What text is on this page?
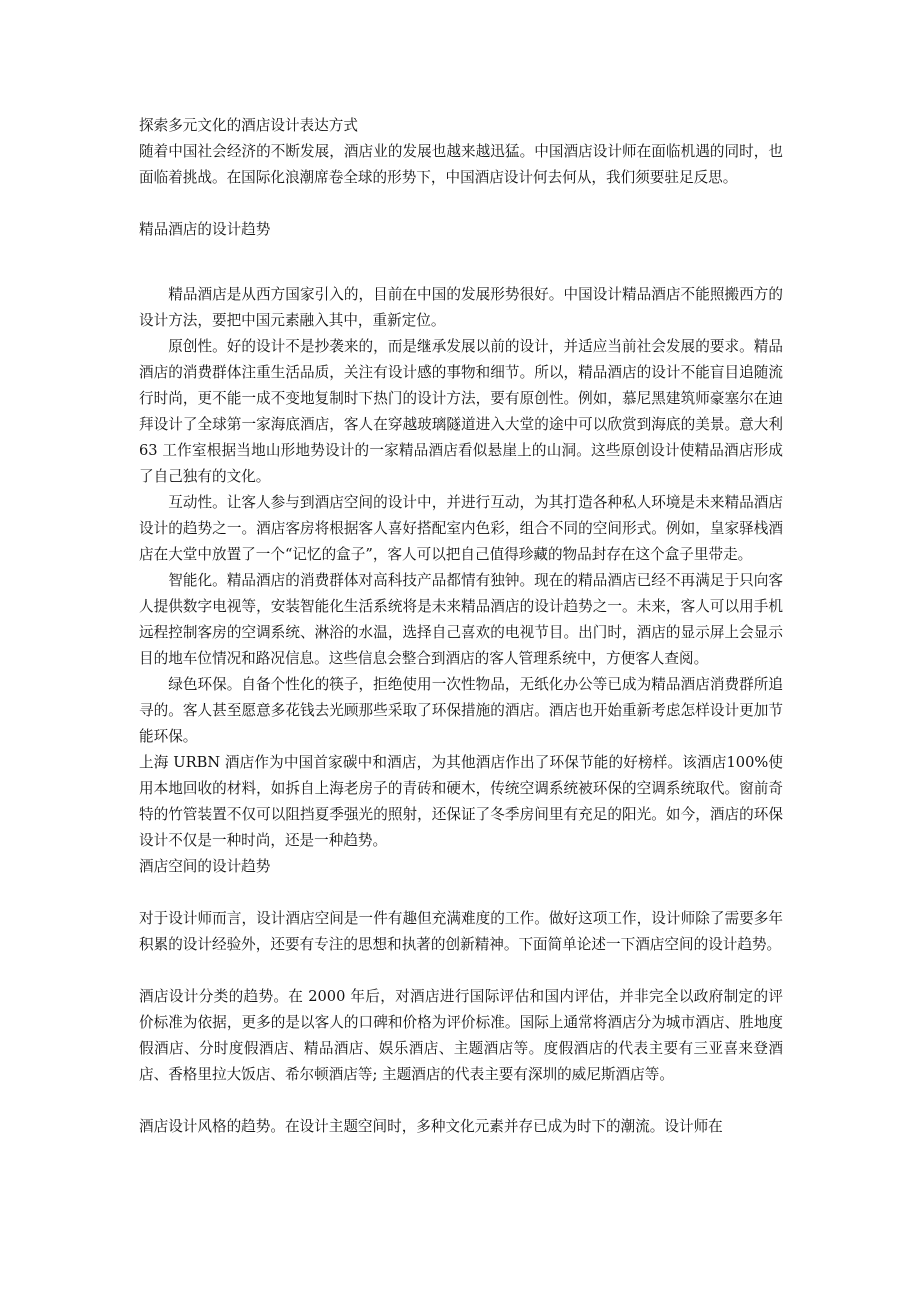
探索多元文化的酒店设计表达方式

随着中国社会经济的不断发展，酒店业的发展也越来越迅猛。中国酒店设计师在面临机遇的同时，也面临着挑战。在国际化浪潮席卷全球的形势下，中国酒店设计何去何从，我们须要驻足反思。

精品酒店的设计趋势

精品酒店是从西方国家引入的，目前在中国的发展形势很好。中国设计精品酒店不能照搬西方的设计方法，要把中国元素融入其中，重新定位。

原创性。好的设计不是抄袭来的，而是继承发展以前的设计，并适应当前社会发展的要求。精品酒店的消费群体注重生活品质，关注有设计感的事物和细节。所以，精品酒店的设计不能盲目追随流行时尚，更不能一成不变地复制时下热门的设计方法，要有原创性。例如，慕尼黑建筑师豪塞尔在迪拜设计了全球第一家海底酒店，客人在穿越玻璃隧道进入大堂的途中可以欣赏到海底的美景。意大利 63 工作室根据当地山形地势设计的一家精品酒店看似悬崖上的山洞。这些原创设计使精品酒店形成了自己独有的文化。

互动性。让客人参与到酒店空间的设计中，并进行互动，为其打造各种私人环境是未来精品酒店设计的趋势之一。酒店客房将根据客人喜好搭配室内色彩，组合不同的空间形式。例如，皇家驿栈酒店在大堂中放置了一个“记忆的盒子”，客人可以把自己值得珍藏的物品封存在这个盒子里带走。

智能化。精品酒店的消费群体对高科技产品都情有独钟。现在的精品酒店已经不再满足于只向客人提供数字电视等，安装智能化生活系统将是未来精品酒店的设计趋势之一。未来，客人可以用手机远程控制客房的空调系统、淋浴的水温，选择自己喜欢的电视节目。出门时，酒店的显示屏上会显示目的地车位情况和路况信息。这些信息会整合到酒店的客人管理系统中，方便客人查阅。

绿色环保。自备个性化的筷子，拒绝使用一次性物品，无纸化办公等已成为精品酒店消费群所追寻的。客人甚至愿意多花钱去光顾那些采取了环保措施的酒店。酒店也开始重新考虑怎样设计更加节能环保。

上海 URBN 酒店作为中国首家碳中和酒店，为其他酒店作出了环保节能的好榜样。该酒店100%使用本地回收的材料，如拆自上海老房子的青砖和硬木，传统空调系统被环保的空调系统取代。窗前奇特的竹管装置不仅可以阻挡夏季强光的照射，还保证了冬季房间里有充足的阳光。如今，酒店的环保设计不仅是一种时尚，还是一种趋势。

酒店空间的设计趋势

对于设计师而言，设计酒店空间是一件有趣但充满难度的工作。做好这项工作，设计师除了需要多年积累的设计经验外，还要有专注的思想和执著的创新精神。下面简单论述一下酒店空间的设计趋势。

酒店设计分类的趋势。在 2000 年后，对酒店进行国际评估和国内评估，并非完全以政府制定的评价标准为依据，更多的是以客人的口碑和价格为评价标准。国际上通常将酒店分为城市酒店、胜地度假酒店、分时度假酒店、精品酒店、娱乐酒店、主题酒店等。度假酒店的代表主要有三亚喜来登酒店、香格里拉大饭店、希尔顿酒店等; 主题酒店的代表主要有深圳的威尼斯酒店等。

酒店设计风格的趋势。在设计主题空间时，多种文化元素并存已成为时下的潮流。设计师在
